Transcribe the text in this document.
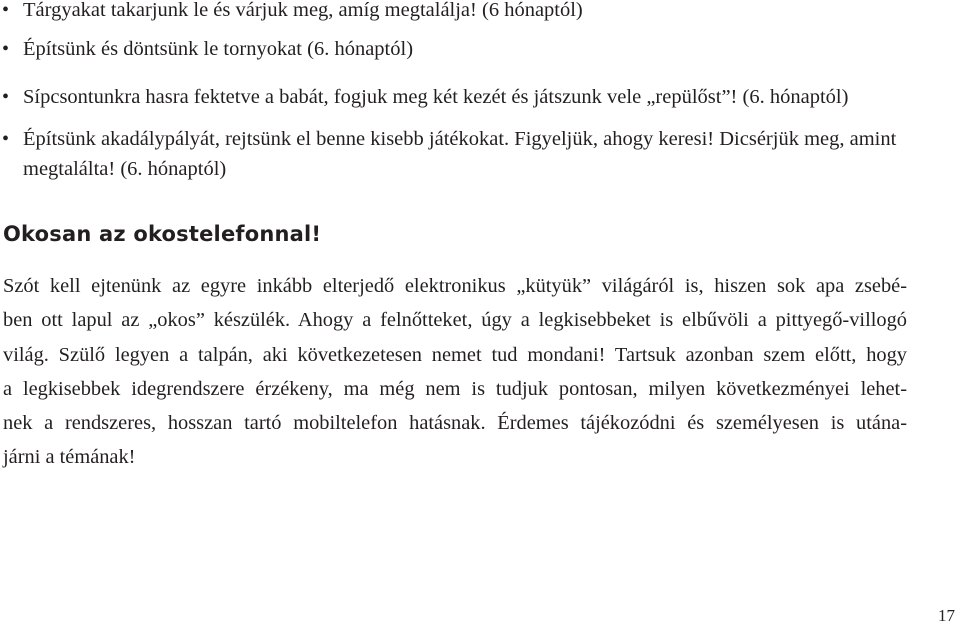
• Tárgyakat takarjunk le és várjuk meg, amíg megtalálja! (6 hónaptól)
• Építsünk és döntsünk le tornyokat (6. hónaptól)
• Sípcsontunkra hasra fektetve a babát, fogjuk meg két kezét és játszunk vele „repülőst”! (6. hónaptól)
• Építsünk akadálypályát, rejtsünk el benne kisebb játékokat. Figyeljük, ahogy keresi! Dicsérjük meg, amint megtalálta! (6. hónaptól)
Okosan az okostelefonnal!

Szót kell ejtenünk az egyre inkább elterjedő elektronikus „kütyük” világáról is, hiszen sok apa zsebé-
ben ott lapul az „okos” készülék. Ahogy a felnőtteket, úgy a legkisebbeket is elbűvöli a pittyegő-villogó
világ. Szülő legyen a talpán, aki következetesen nemet tud mondani! Tartsuk azonban szem előtt, hogy
a legkisebbek idegrendszere érzékeny, ma még nem is tudjuk pontosan, milyen következményei lehet-
nek a rendszeres, hosszan tartó mobiltelefon hatásnak. Érdemes tájékozódni és személyesen is utána-
járni a témának!

17
